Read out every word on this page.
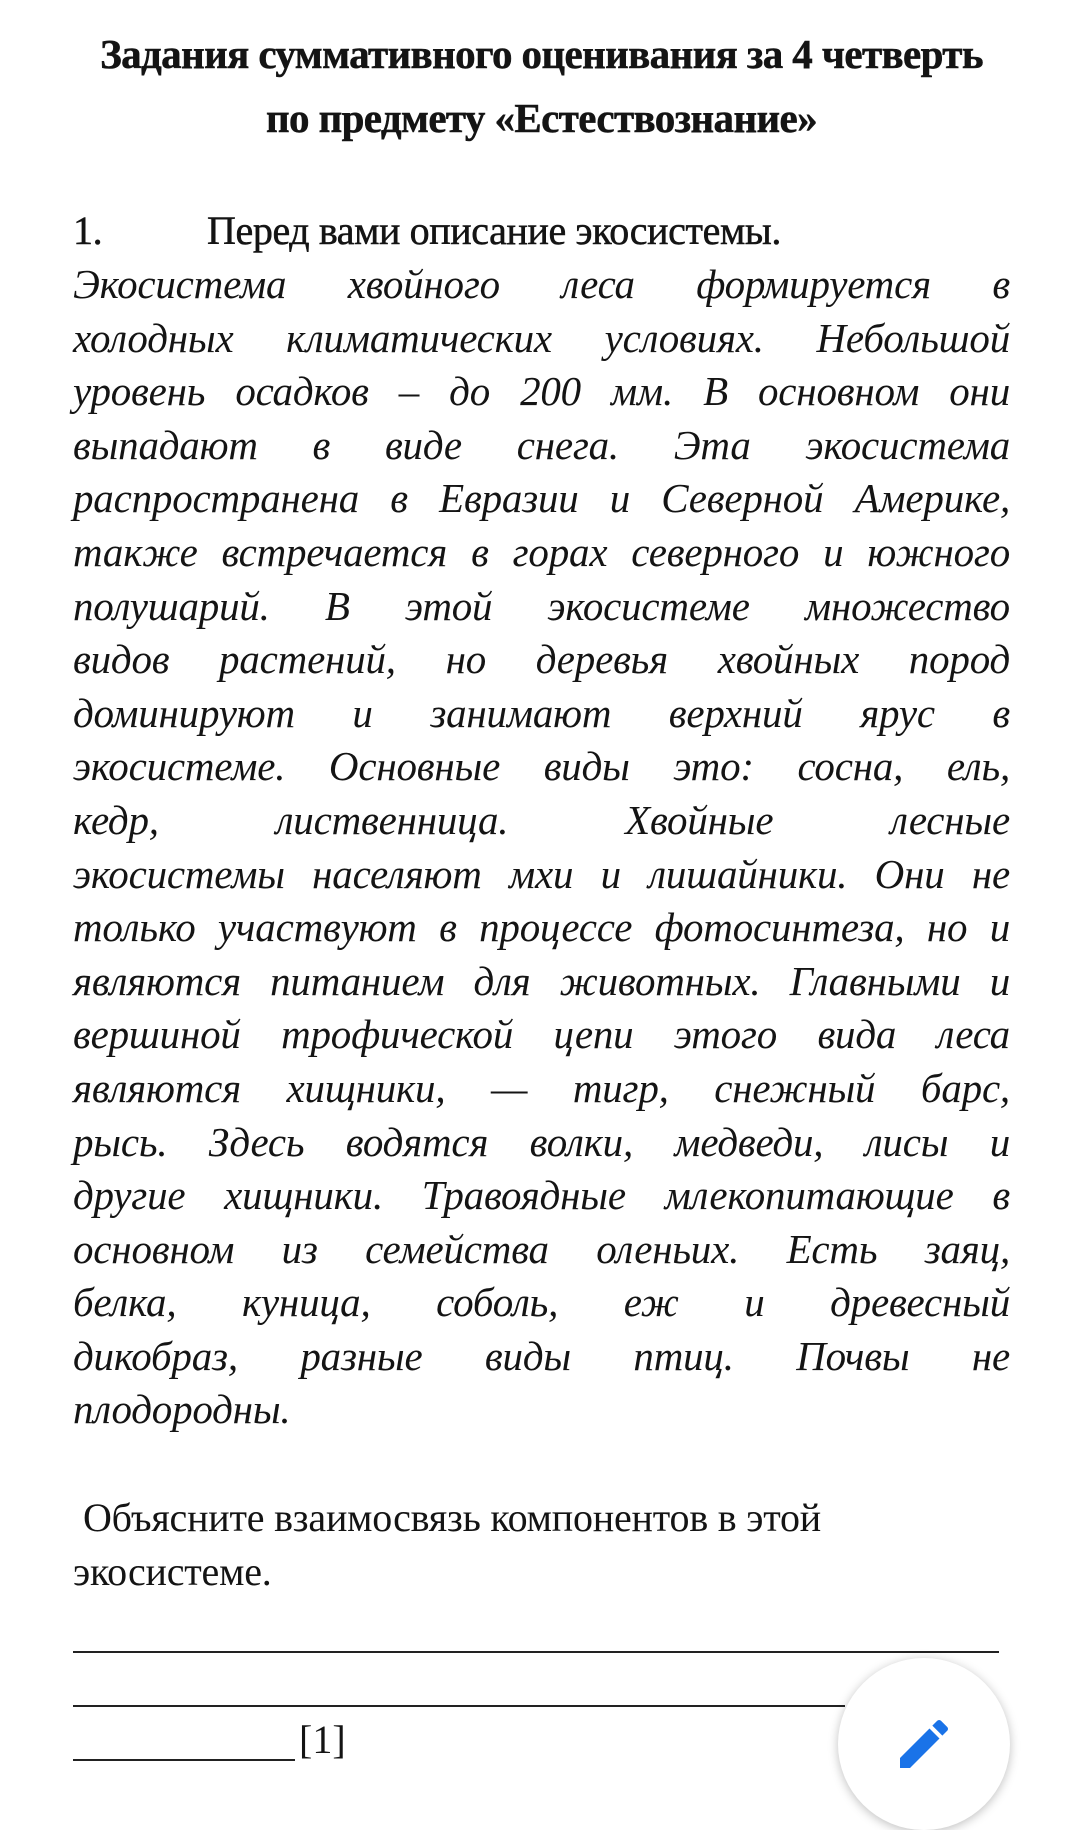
Задания суммативного оценивания за 4 четверть
по предмету «Естествознание»
1.	Перед вами описание экосистемы.

Экосистема хвойного леса формируется в
холодных климатических условиях. Небольшой
уровень осадков – до 200 мм. В основном они
выпадают в виде снега. Эта экосистема
распространена в Евразии и Северной Америке,
также встречается в горах северного и южного
полушарий. В этой экосистеме множество
видов растений, но деревья хвойных пород
доминируют и занимают верхний ярус в
экосистеме. Основные виды это: сосна, ель,
кедр, лиственница. Хвойные лесные
экосистемы населяют мхи и лишайники. Они не
только участвуют в процессе фотосинтеза, но и
являются питанием для животных. Главными и
вершиной трофической цепи этого вида леса
являются хищники, — тигр, снежный барс,
рысь. Здесь водятся волки, медведи, лисы и
другие хищники. Травоядные млекопитающие в
основном из семейства оленьих. Есть заяц,
белка, куница, соболь, еж и древесный
дикобраз, разные виды птиц. Почвы не
плодородны.

Объясните взаимосвязь компонентов в этой
экосистеме.
[1]
